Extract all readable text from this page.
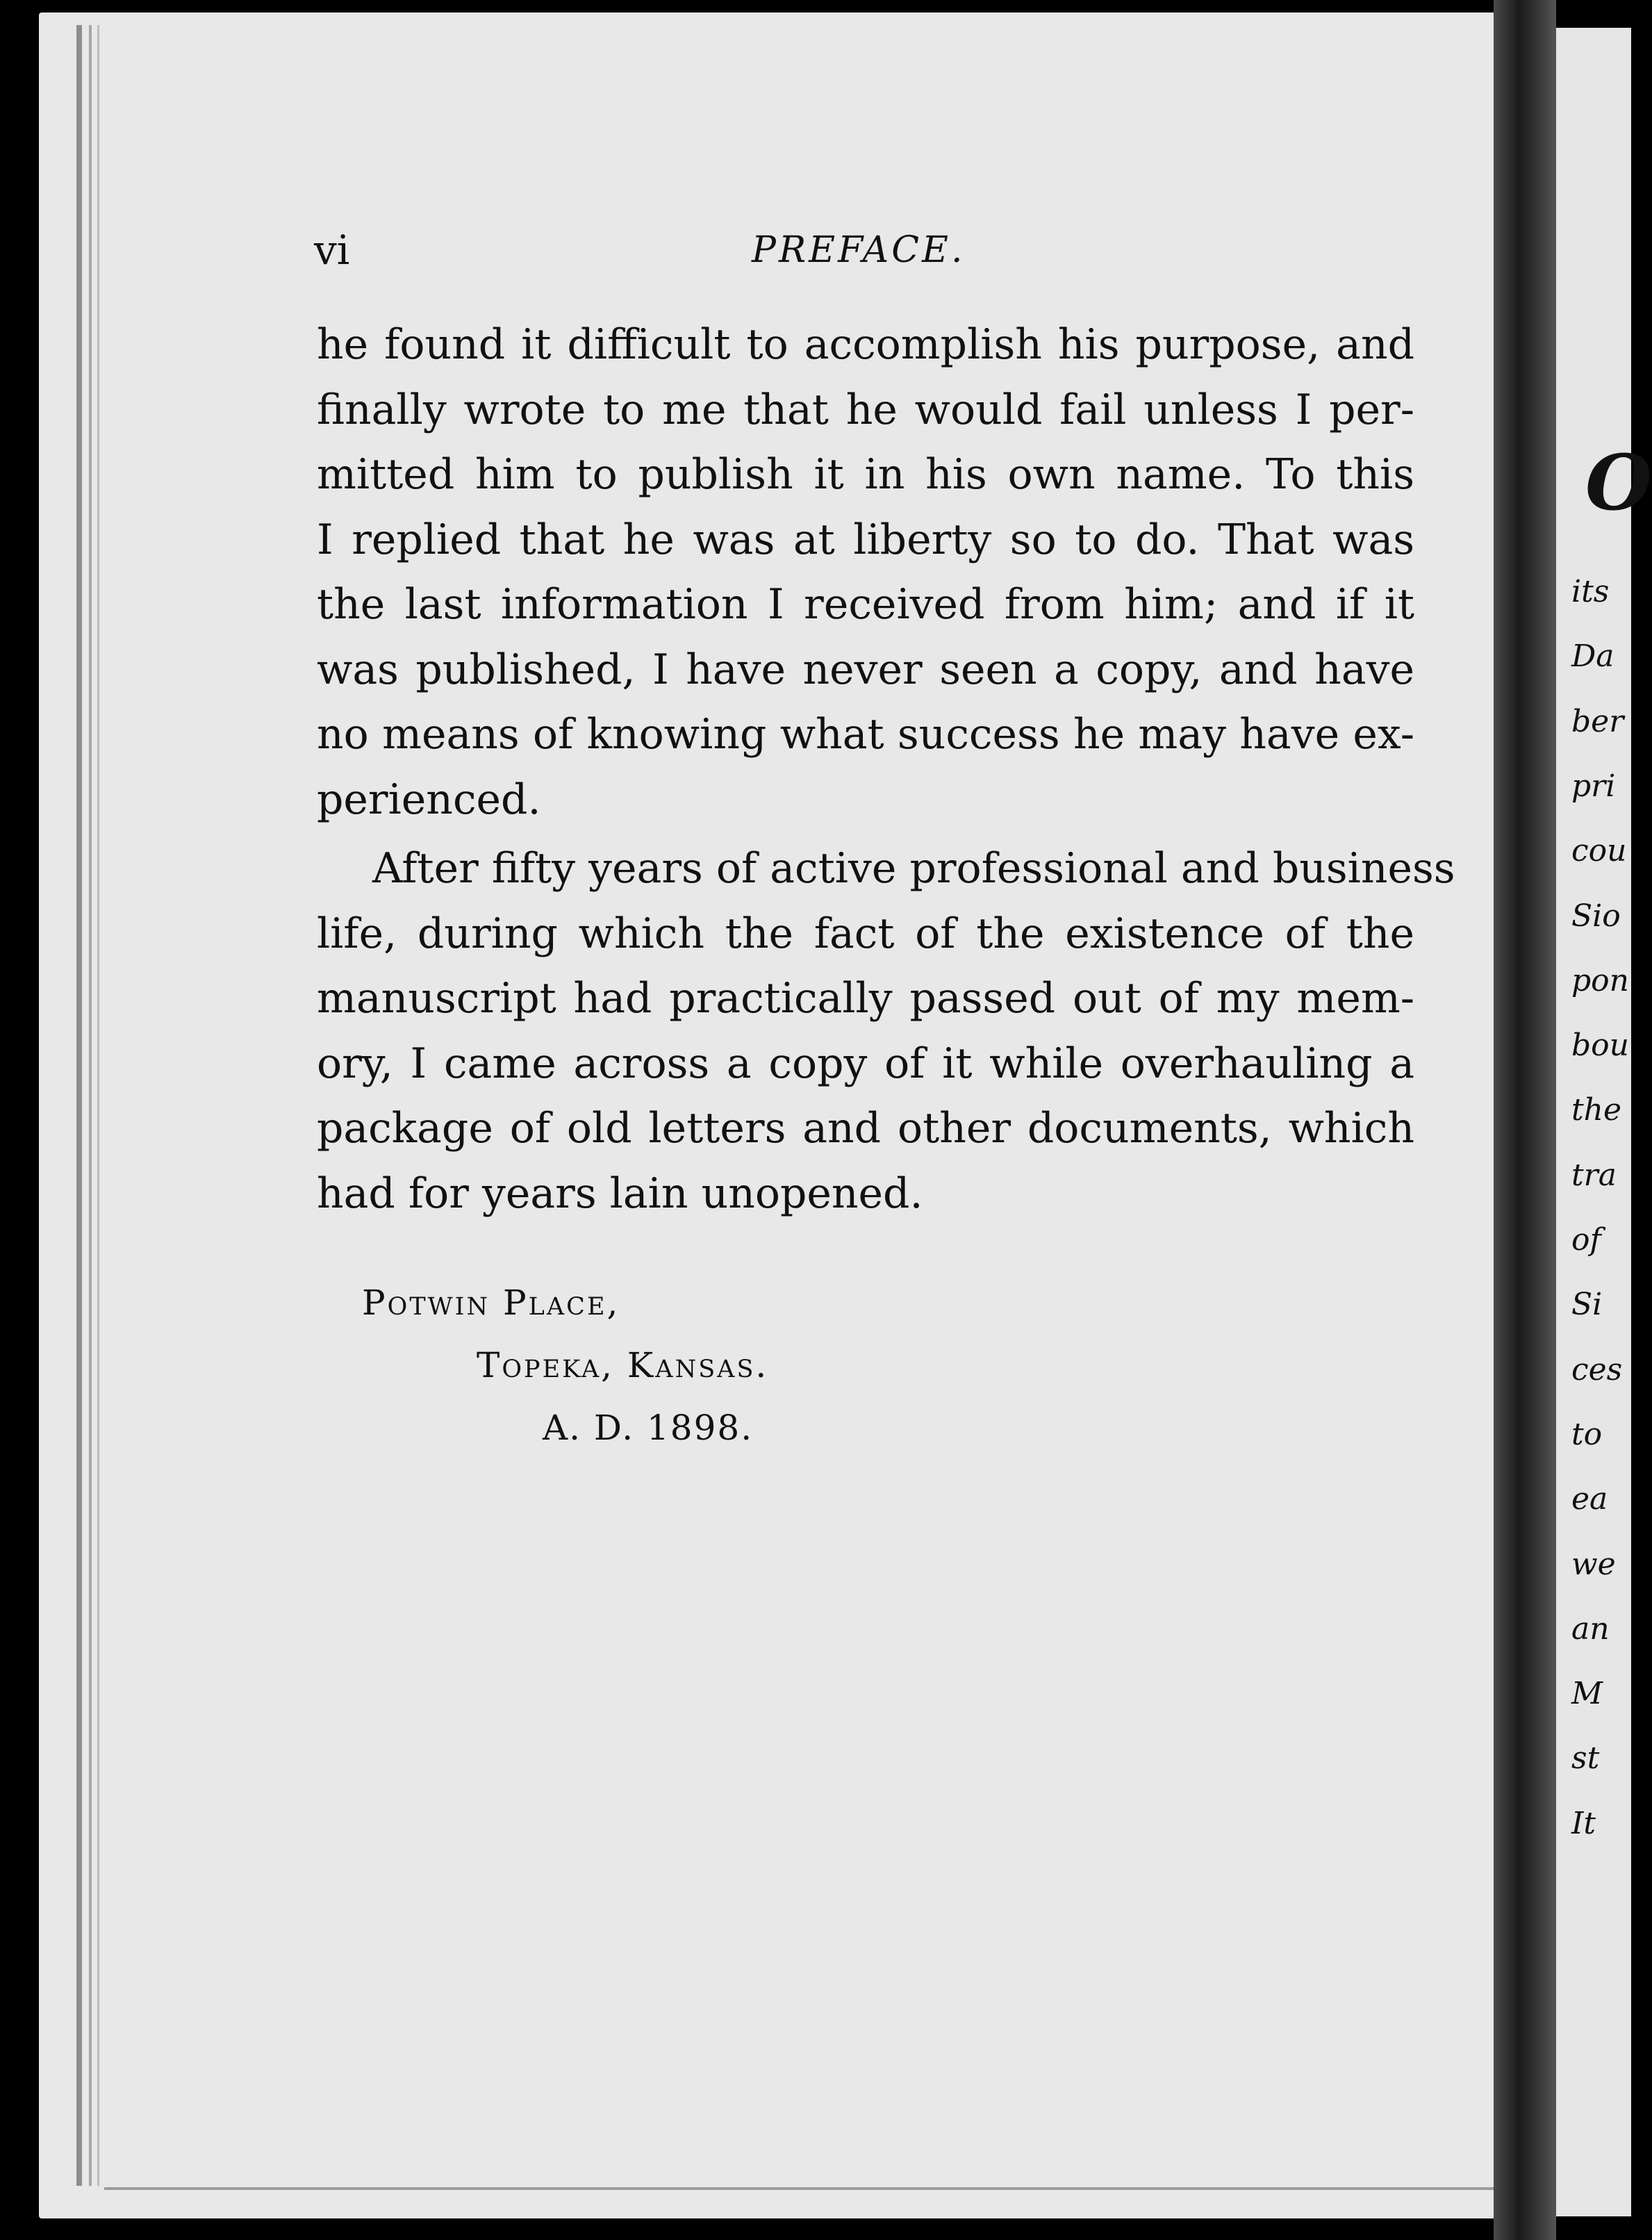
O
its
Da
ber
pri
cou
Sio
pon
bou
the
tra
of
Si
ces
to
ea
we
an
M
st
It
vi	PREFACE.
he found it difficult to accomplish his purpose, and
finally wrote to me that he would fail unless I per-
mitted him to publish it in his own name. To this
I replied that he was at liberty so to do. That was
the last information I received from him; and if it
was published, I have never seen a copy, and have
no means of knowing what success he may have ex-
perienced.
After fifty years of active professional and business
life, during which the fact of the existence of the
manuscript had practically passed out of my mem-
ory, I came across a copy of it while overhauling a
package of old letters and other documents, which
had for years lain unopened.
Potwin Place,
Topeka, Kansas.
A. D. 1898.
